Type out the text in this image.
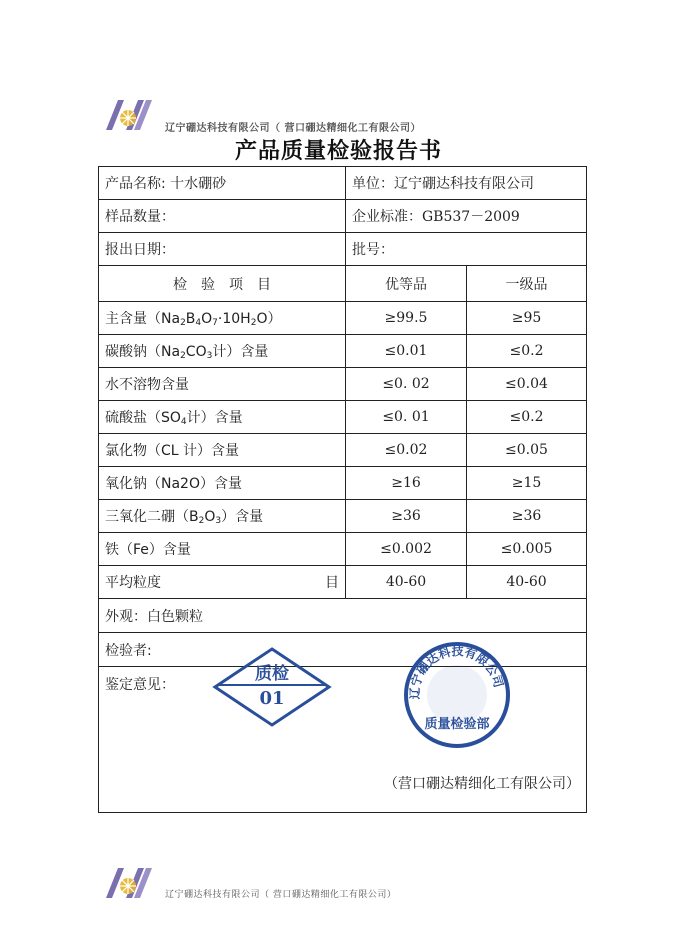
辽宁硼达科技有限公司（ 营口硼达精细化工有限公司）
产品质量检验报告书
产品名称: 十水硼砂	单位：辽宁硼达科技有限公司	
样品数量：	企业标准：GB537－2009	
报出日期：	批号：	
检　验　项　目	优等品	一级品
主含量$(Na_2B_4O_7\cdot 10H_2O)$	≥99.5	≥95
碳酸钠（$Na_2CO_3$计）含量	≤0.01	≤0.2
水不溶物含量	≤0. 02	≤0.04
硫酸盐（$SO_4$计）含量	≤0. 01	≤0.2
氯化物（CL 计）含量	≤0.02	≤0.05
氧化钠（Na2O）含量	≥16	≥15
三氧化二硼$(B_2O_3)$含量	≥36	≥36
铁（Fe）含量	≤0.002	≤0.005
平均粒度 目	40-60	40-60
外观：白色颗粒		
检验者:		

鉴定意见：
（营口硼达精细化工有限公司）		
质检
01	辽宁硼达科技有限公司
质量检验部
辽宁硼达科技有限公司（ 营口硼达精细化工有限公司）
